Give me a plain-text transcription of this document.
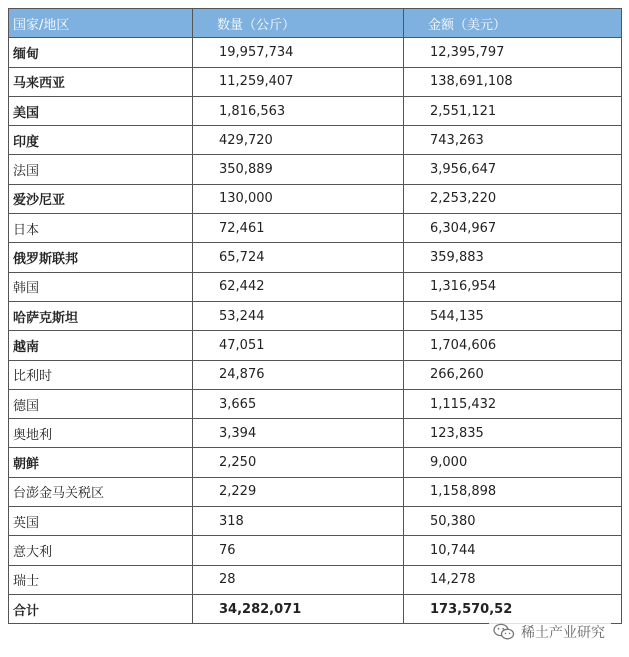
国家/地区	数量（公斤）	金额（美元）
缅甸	19,957,734	12,395,797
马来西亚	11,259,407	138,691,108
美国	1,816,563	2,551,121
印度	429,720	743,263
法国	350,889	3,956,647
爱沙尼亚	130,000	2,253,220
日本	72,461	6,304,967
俄罗斯联邦	65,724	359,883
韩国	62,442	1,316,954
哈萨克斯坦	53,244	544,135
越南	47,051	1,704,606
比利时	24,876	266,260
德国	3,665	1,115,432
奥地利	3,394	123,835
朝鲜	2,250	9,000
台澎金马关税区	2,229	1,158,898
英国	318	50,380
意大利	76	10,744
瑞士	28	14,278
合计	34,282,071	173,570,52
稀土产业研究
